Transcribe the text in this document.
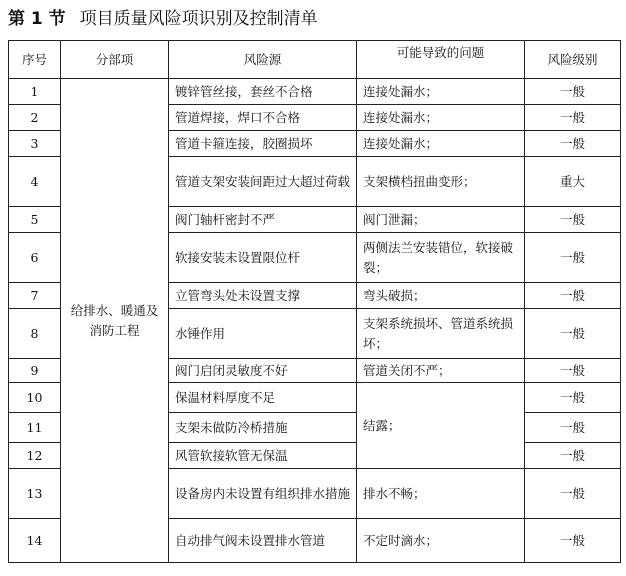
第 1 节 项目质量风险项识别及控制清单
序号	分部项	风险源	可能导致的问题	风险级别
1	给排水、暖通及消防工程	镀锌管丝接，套丝不合格	连接处漏水；	一般
2		管道焊接，焊口不合格	连接处漏水；	一般
3		管道卡箍连接，胶圈损坏	连接处漏水；	一般
4		管道支架安装间距过大超过荷载	支架横档扭曲变形；	重大
5		阀门轴杆密封不严	阀门泄漏；	一般
6		软接安装未设置限位杆	两侧法兰安装错位，软接破裂；	一般
7		立管弯头处未设置支撑	弯头破损；	一般
8		水锤作用	支架系统损坏、管道系统损坏；	一般
9		阀门启闭灵敏度不好	管道关闭不严；	一般
10		保温材料厚度不足	结露；	一般
11		支架未做防冷桥措施		一般
12		风管软接软管无保温		一般
13		设备房内未设置有组织排水措施	排水不畅；	一般
14		自动排气阀未设置排水管道	不定时滴水；	一般
